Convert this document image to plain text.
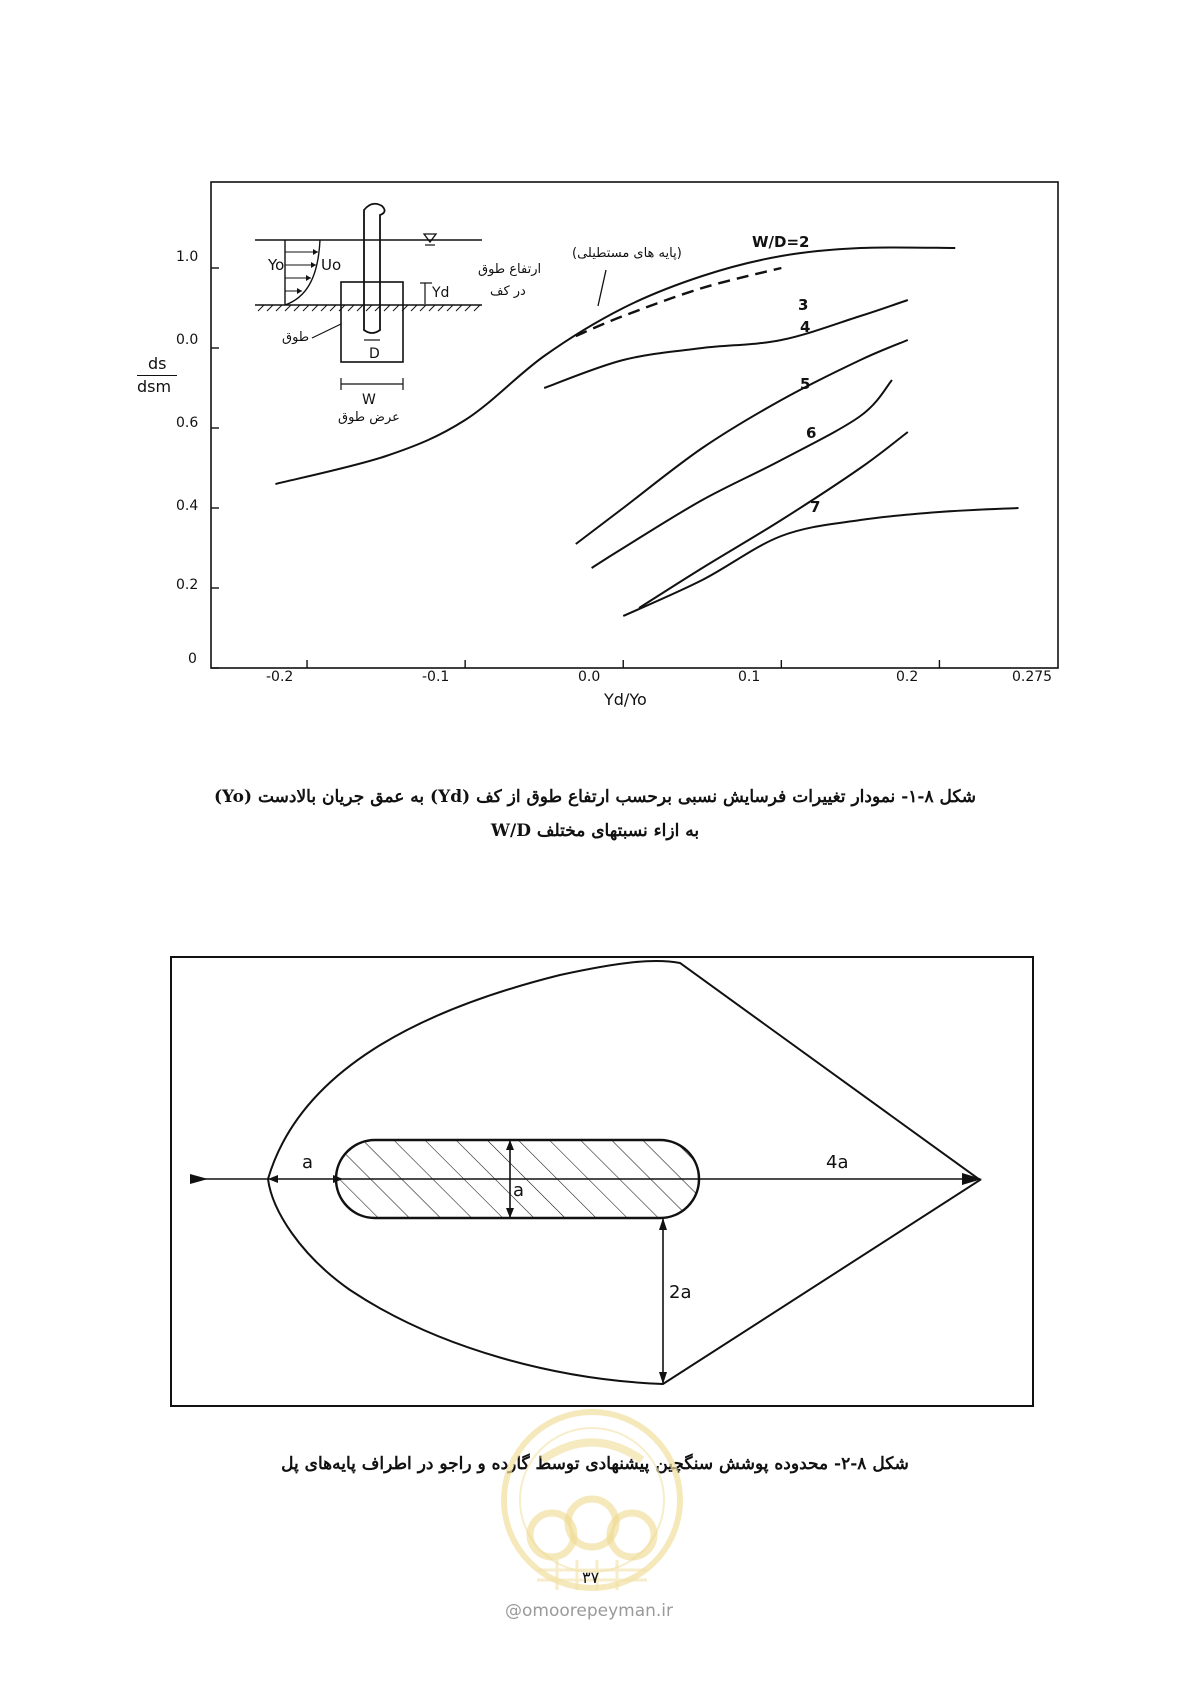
ds
dsm
Yd/Yo
0
0.2
0.4
0.6
0.0
1.0
-0.2	-0.1	0.0	0.1	0.2	0.275
W/D=2
3
4
5
6
7
(پایه های مستطیلی)
ارتفاع طوق
در کف
طوق
عرض طوق
Yo Uo
Yd
D
W
شکل ۸-۱- نمودار تغییرات فرسایش نسبی برحسب ارتفاع طوق از کف (Yd) به عمق جریان بالادست (Yo)
به ازاء نسبتهای مختلف W/D
a
a
4a
2a
شکل ۸-۲- محدوده پوشش سنگچین پیشنهادی توسط گارده و راجو در اطراف پایه‌های پل
۳۷
@omoorepeyman.ir
